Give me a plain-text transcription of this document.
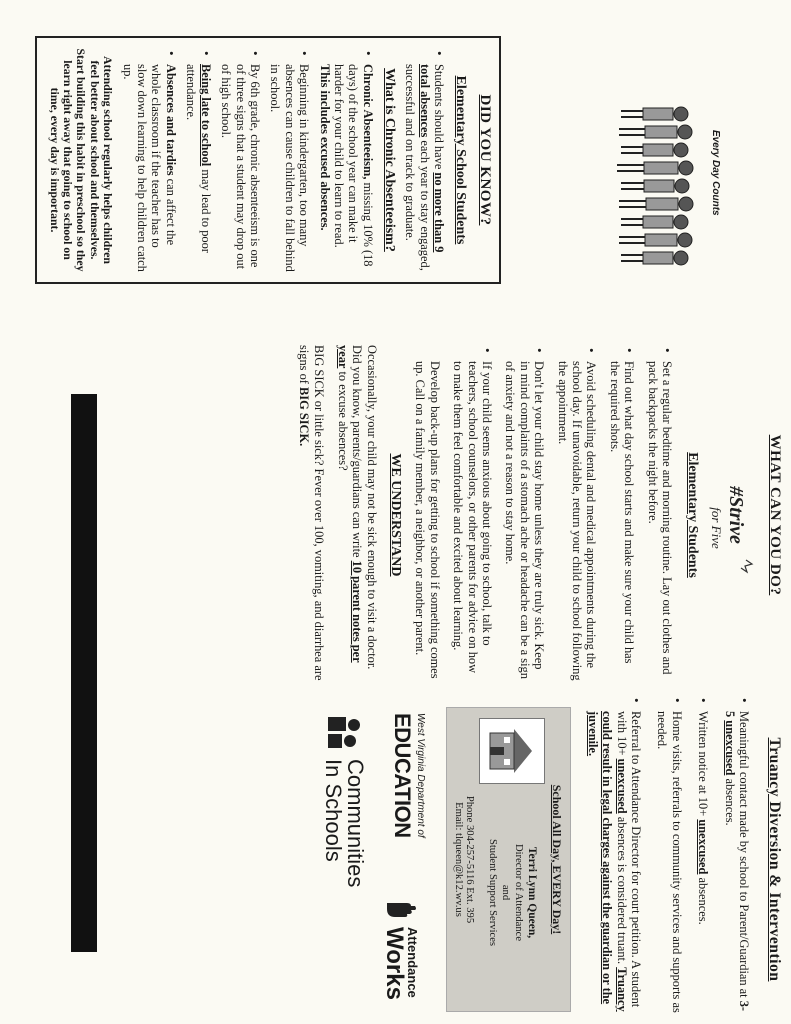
Every Day Counts
DID YOU KNOW?
Elementary School Students
• Students should have no more than 9 total absences each year to stay engaged, successful and on track to graduate.
What is Chronic Absenteeism?
• Chronic Absenteeism, missing 10% (18 days) of the school year can make it harder for your child to learn to read. This includes excused absences.
• Beginning in kindergarten, too many absences can cause children to fall behind in school.
• By 6th grade, chronic absenteeism is one of three signs that a student may drop out of high school.
• Being late to school may lead to poor attendance.
• Absences and tardies can affect the whole classroom if the teacher has to slow down learning to help children catch up.

Attending school regularly helps children feel better about school and themselves. Start building this habit in preschool so they learn right away that going to school on time, every day is important.

WHAT CAN YOU DO?
#Strive
for Five
Elementary Students
• Set a regular bedtime and morning routine. Lay out clothes and pack backpacks the night before.
• Find out what day school starts and make sure your child has the required shots.
• Avoid scheduling dental and medical appointments during the school day. If unavoidable, return your child to school following the appointment.
• Don't let your child stay home unless they are truly sick. Keep in mind complaints of a stomach ache or headache can be a sign of anxiety and not a reason to stay home.
• If your child seems anxious about going to school, talk to teachers, school counselors, or other parents for advice on how to make them feel comfortable and excited about learning.

Develop back-up plans for getting to school if something comes up. Call on a family member, a neighbor, or another parent.

WE UNDERSTAND

Occasionally, your child may not be sick enough to visit a doctor. Did you know, parents/guardians can write 10 parent notes per year to excuse absences?

BIG SICK or little sick? Fever over 100, vomiting, and diarrhea are signs of BIG SICK.

Truancy Diversion & Intervention
• Meaningful contact made by school to Parent/Guardian at 3-5 unexcused absences.
• Written notice at 10+ unexcused absences.
• Home visits, referrals to community services and supports as needed.
• Referral to Attendance Director for court petition. A student with 10+ unexcused absences is considered truant. Truancy could result in legal charges against the guardian or the juvenile.
School All Day, EVERY Day!
Terri Lynn Queen,
Director of Attendance
and
Student Support Services
Phone 304-257-5116 Ext. 395
Email: tlqueen@k12.wv.us
West Virginia Department of
EDUCATION
Attendance
Works
Communities
In Schools
